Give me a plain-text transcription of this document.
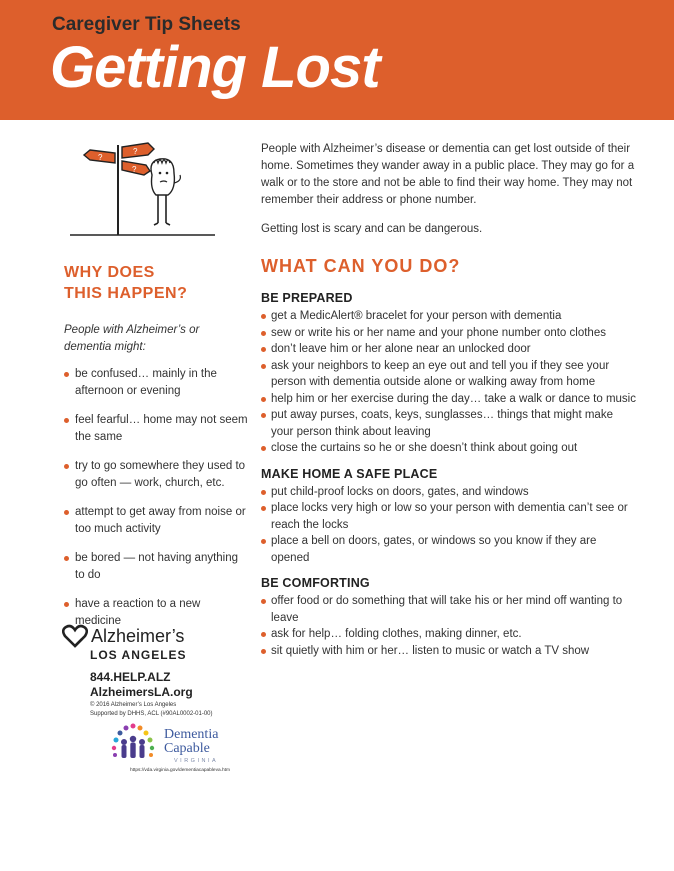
Caregiver Tip Sheets
Getting Lost
?
?
?
WHY DOES
THIS HAPPEN?
People with Alzheimer’s or dementia might:
be confused… mainly in the afternoon or evening
feel fearful… home may not seem the same
try to go somewhere they used to go often — work, church, etc.
attempt to get away from noise or too much activity
be bored — not having anything to do
have a reaction to a new medicine

People with Alzheimer’s disease or dementia can get lost outside of their home. Sometimes they wander away in a public place. They may go for a walk or to the store and not be able to find their way home. They may not remember their address or phone number.

Getting lost is scary and can be dangerous.

WHAT CAN YOU DO?
BE PREPARED
get a MedicAlert® bracelet for your person with dementia
sew or write his or her name and your phone number onto clothes
don’t leave him or her alone near an unlocked door
ask your neighbors to keep an eye out and tell you if they see your person with dementia outside alone or walking away from home
help him or her exercise during the day… take a walk or dance to music
put away purses, coats, keys, sunglasses… things that might make your person think about leaving
close the curtains so he or she doesn’t think about going out
MAKE HOME A SAFE PLACE
put child-proof locks on doors, gates, and windows
place locks very high or low so your person with dementia can’t see or reach the locks
place a bell on doors, gates, or windows so you know if they are opened
BE COMFORTING
offer food or do something that will take his or her mind off wanting to leave
ask for help… folding clothes, making dinner, etc.
sit quietly with him or her… listen to music or watch a TV show
Alzheimer’s
LOS ANGELES
844.HELP.ALZ
AlzheimersLA.org
© 2016 Alzheimer’s Los Angeles
Supported by DHHS, ACL (#90AL0002-01-00)
Dementia
Capable
VIRGINIA
https://vda.virginia.gov/dementiacapableva.htm
